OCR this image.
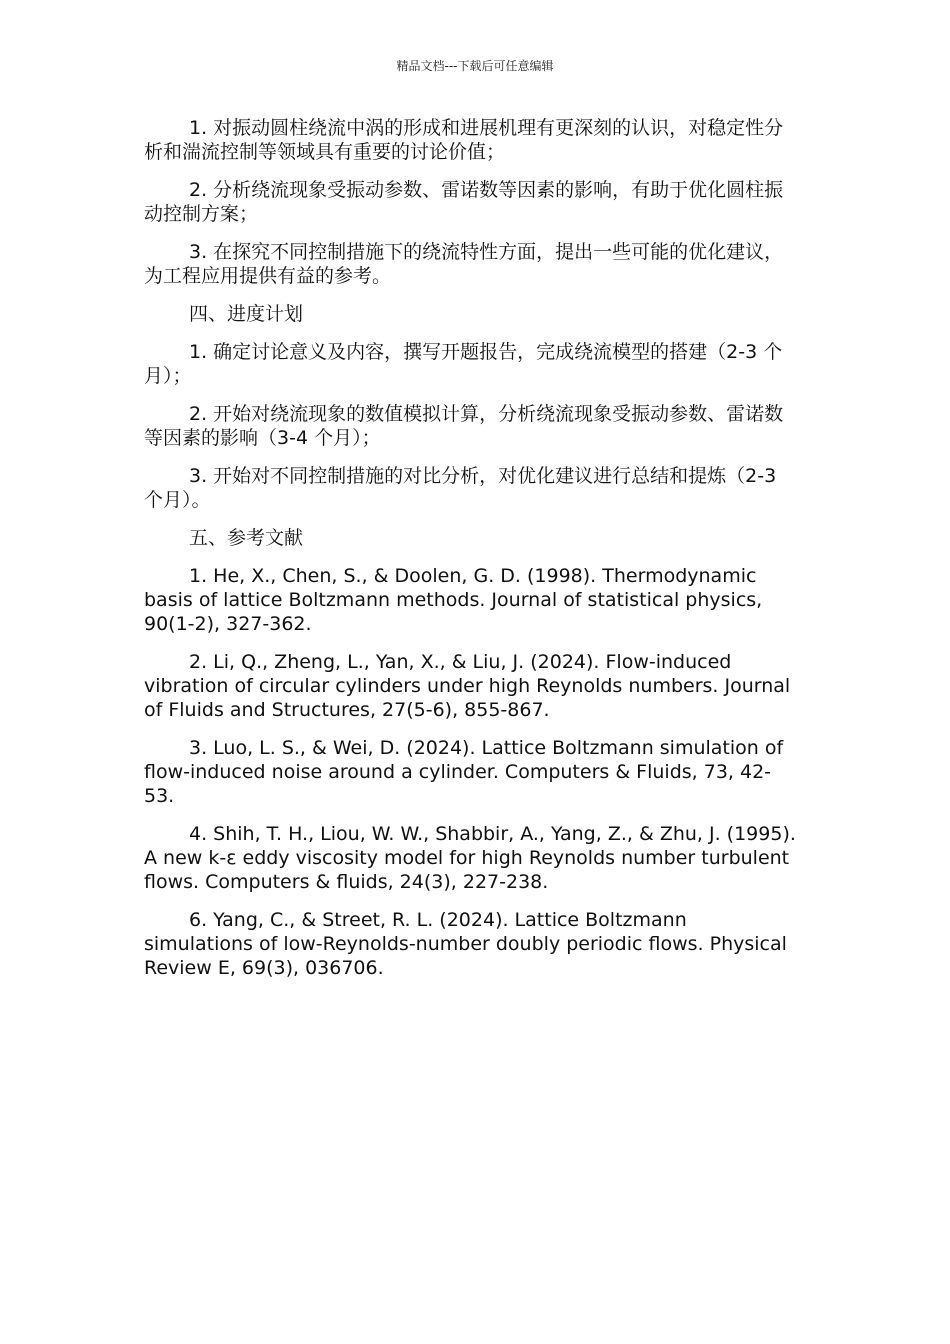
精品文档---下载后可任意编辑

1. 对振动圆柱绕流中涡的形成和进展机理有更深刻的认识，对稳定性分析和湍流控制等领域具有重要的讨论价值；

2. 分析绕流现象受振动参数、雷诺数等因素的影响，有助于优化圆柱振动控制方案；

3. 在探究不同控制措施下的绕流特性方面，提出一些可能的优化建议，为工程应用提供有益的参考。

四、进度计划

1. 确定讨论意义及内容，撰写开题报告，完成绕流模型的搭建（2-3 个月）；

2. 开始对绕流现象的数值模拟计算，分析绕流现象受振动参数、雷诺数等因素的影响（3-4 个月）；

3. 开始对不同控制措施的对比分析，对优化建议进行总结和提炼（2-3 个月）。

五、参考文献

1. He, X., Chen, S., & Doolen, G. D. (1998). Thermodynamic basis of lattice Boltzmann methods. Journal of statistical physics, 90(1-2), 327-362.

2. Li, Q., Zheng, L., Yan, X., & Liu, J. (2024). Flow-induced vibration of circular cylinders under high Reynolds numbers. Journal of Fluids and Structures, 27(5-6), 855-867.

3. Luo, L. S., & Wei, D. (2024). Lattice Boltzmann simulation of flow-induced noise around a cylinder. Computers & Fluids, 73, 42-53.

4. Shih, T. H., Liou, W. W., Shabbir, A., Yang, Z., & Zhu, J. (1995). A new k-ε eddy viscosity model for high Reynolds number turbulent flows. Computers & fluids, 24(3), 227-238.

6. Yang, C., & Street, R. L. (2024). Lattice Boltzmann simulations of low-Reynolds-number doubly periodic flows. Physical Review E, 69(3), 036706.
